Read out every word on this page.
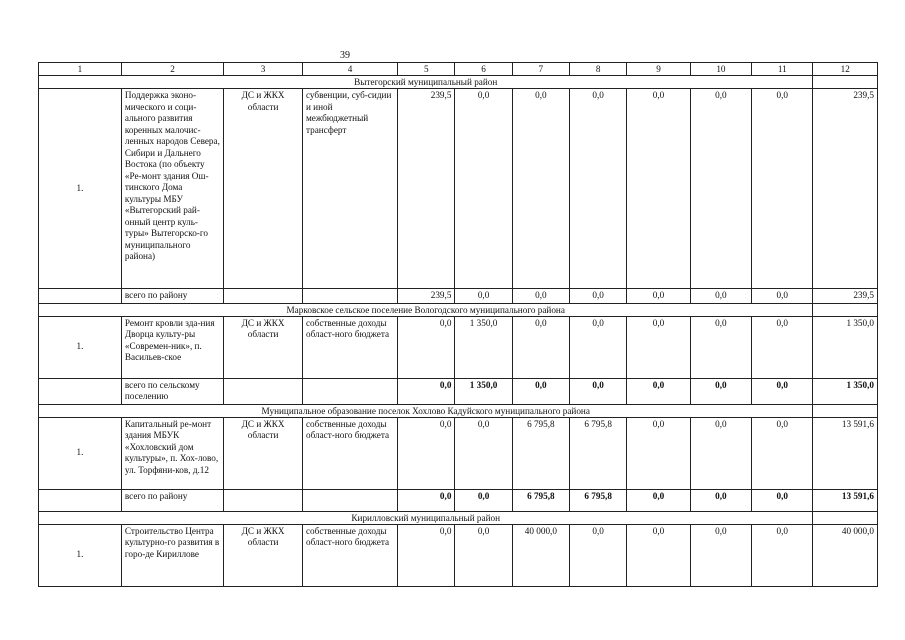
39
1	2	3	4	5	6	7	8	9	10	11	12
Вытегорский муниципальный район											
1.	Поддержка эконо-мического и соци-ального развития коренных малочис-ленных народов Севера, Сибири и Дальнего Востока (по объекту «Ре-монт здания Ош-тинского Дома культуры МБУ «Вытегорский рай-онный центр куль-туры» Вытегорско-го муниципального района)	ДС и ЖКХ области	субвенции, суб-сидии и иной межбюджетный трансферт	239,5	0,0	0,0	0,0	0,0	0,0	0,0	239,5
	всего по району			239,5	0,0	0,0	0,0	0,0	0,0	0,0	239,5
Марковское сельское поселение Вологодского муниципального района											
1.	Ремонт кровли зда-ния Дворца культу-ры «Современ-ник», п. Васильев-ское	ДС и ЖКХ области	собственные доходы област-ного бюджета	0,0	1 350,0	0,0	0,0	0,0	0,0	0,0	1 350,0
	всего по сельскому поселению			0,0	1 350,0	0,0	0,0	0,0	0,0	0,0	1 350,0
Муниципальное образование поселок Хохлово Кадуйского муниципального района											
1.	Капитальный ре-монт здания МБУК «Хохловский дом культуры», п. Хох-лово, ул. Торфяни-ков, д.12	ДС и ЖКХ области	собственные доходы област-ного бюджета	0,0	0,0	6 795,8	6 795,8	0,0	0,0	0,0	13 591,6
	всего по району			0,0	0,0	6 795,8	6 795,8	0,0	0,0	0,0	13 591,6
Кирилловский муниципальный район											
1.	Строительство Центра культурно-го развития в горо-де Кириллове	ДС и ЖКХ области	собственные доходы област-ного бюджета	0,0	0,0	40 000,0	0,0	0,0	0,0	0,0	40 000,0
